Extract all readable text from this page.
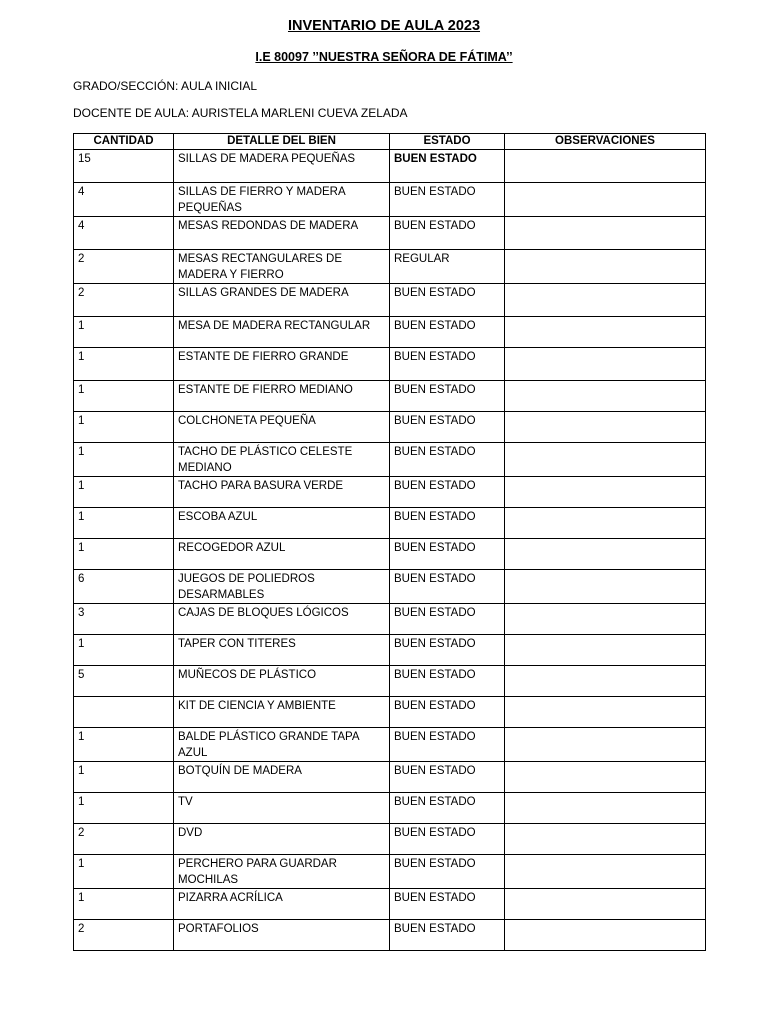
INVENTARIO DE AULA 2023
I.E 80097 ’’NUESTRA SEÑORA DE FÁTIMA’’

GRADO/SECCIÓN: AULA INICIAL

DOCENTE DE AULA: AURISTELA MARLENI CUEVA ZELADA

CANTIDAD	DETALLE DEL BIEN	ESTADO	OBSERVACIONES
15	SILLAS DE MADERA PEQUEÑAS	BUEN ESTADO	
4	SILLAS DE FIERRO Y MADERA PEQUEÑAS	BUEN ESTADO	
4	MESAS REDONDAS DE MADERA	BUEN ESTADO	
2	MESAS RECTANGULARES DE MADERA Y FIERRO	REGULAR	
2	SILLAS GRANDES DE MADERA	BUEN ESTADO	
1	MESA DE MADERA RECTANGULAR	BUEN ESTADO	
1	ESTANTE DE FIERRO GRANDE	BUEN ESTADO	
1	ESTANTE DE FIERRO MEDIANO	BUEN ESTADO	
1	COLCHONETA PEQUEÑA	BUEN ESTADO	
1	TACHO DE PLÁSTICO CELESTE MEDIANO	BUEN ESTADO	
1	TACHO PARA BASURA VERDE	BUEN ESTADO	
1	ESCOBA AZUL	BUEN ESTADO	
1	RECOGEDOR AZUL	BUEN ESTADO	
6	JUEGOS DE POLIEDROS DESARMABLES	BUEN ESTADO	
3	CAJAS DE BLOQUES LÓGICOS	BUEN ESTADO	
1	TAPER CON TITERES	BUEN ESTADO	
5	MUÑECOS DE PLÁSTICO	BUEN ESTADO	
	KIT DE CIENCIA Y AMBIENTE	BUEN ESTADO	
1	BALDE PLÁSTICO GRANDE TAPA AZUL	BUEN ESTADO	
1	BOTQUÍN DE MADERA	BUEN ESTADO	
1	TV	BUEN ESTADO	
2	DVD	BUEN ESTADO	
1	PERCHERO PARA GUARDAR MOCHILAS	BUEN ESTADO	
1	PIZARRA ACRÍLICA	BUEN ESTADO	
2	PORTAFOLIOS	BUEN ESTADO	
